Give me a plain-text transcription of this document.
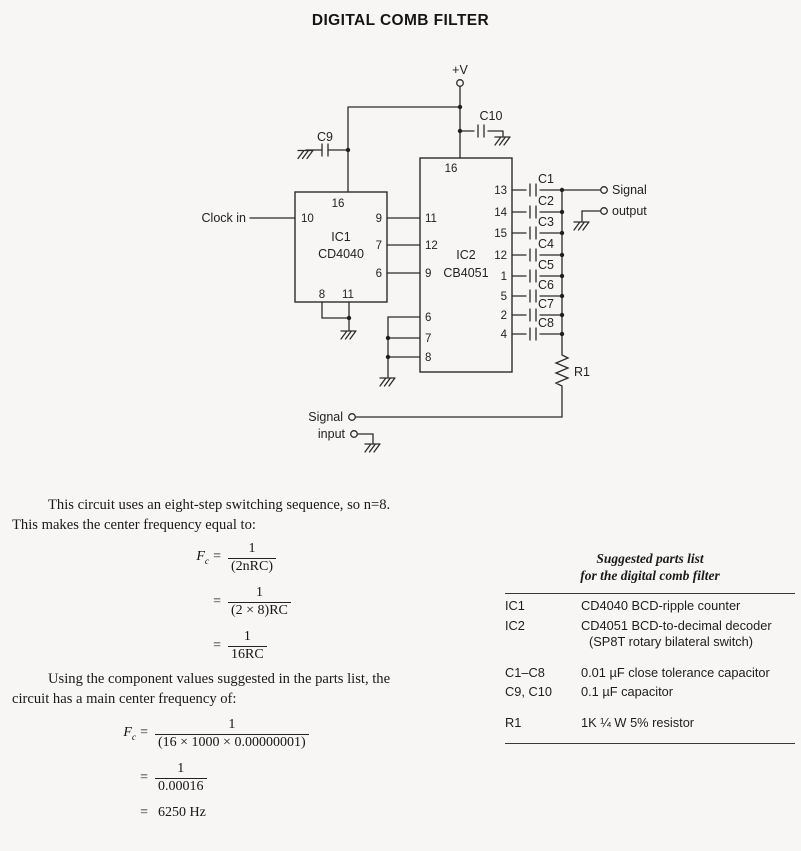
DIGITAL COMB FILTER
+V
Clock in
16
10	9
7
6
8 11
IC1
CD4040
16
11
12
9
6
7
8
13
14
15
12
1
5
2
4
IC2
CB4051
C9
C10
C1
C2
C3
C4
C5
C6
C7
C8
R1
Signal
output
Signal
input
This circuit uses an eight-step switching sequence, so n=8.
This makes the center frequency equal to:
$F_c = \frac{1}{\text{(2nRC)}}$
= $\frac{1}{(2 \times 8)RC}$
= $\frac{1}{16RC}$
Using the component values suggested in the parts list, the
circuit has a main center frequency of:
$F_c = \frac{1}{(16 \times 1000 \times 0.00000001)}$
= $\frac{1}{0.00016}$
= 6250 Hz
Suggested parts list
for the digital comb filter
IC1	CD4040 BCD-ripple counter
IC2	CD4051 BCD-to-decimal decoder
(SP8T rotary bilateral switch)
C1–C8	0.01 µF close tolerance capacitor
C9, C10	0.1 µF capacitor
R1	1K ¼ W 5% resistor
